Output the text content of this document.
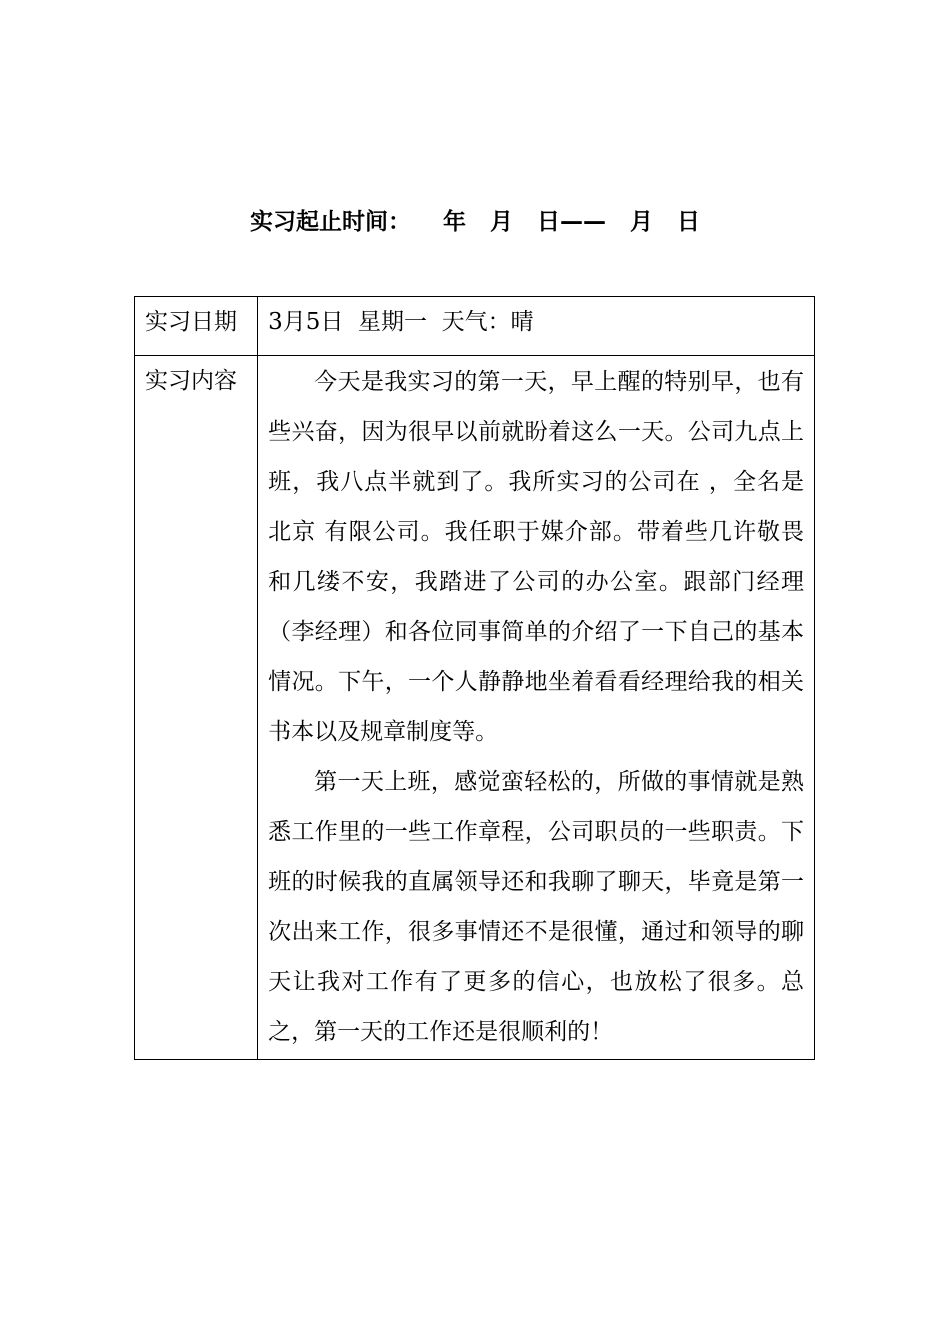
实习起止时间：    年   月   日——   月   日
实习日期	3月5日  星期一  天气：晴
实习内容	今天是我实习的第一天，早上醒的特别早，也有些兴奋，因为很早以前就盼着这么一天。公司九点上班，我八点半就到了。我所实习的公司在 ，全名是北京 有限公司。我任职于媒介部。带着些几许敬畏和几缕不安，我踏进了公司的办公室。跟部门经理（李经理）和各位同事简单的介绍了一下自己的基本情况。下午，一个人静静地坐着看看经理给我的相关书本以及规章制度等。

第一天上班，感觉蛮轻松的，所做的事情就是熟悉工作里的一些工作章程，公司职员的一些职责。下班的时候我的直属领导还和我聊了聊天，毕竟是第一次出来工作，很多事情还不是很懂，通过和领导的聊天让我对工作有了更多的信心，也放松了很多。总之，第一天的工作还是很顺利的！
